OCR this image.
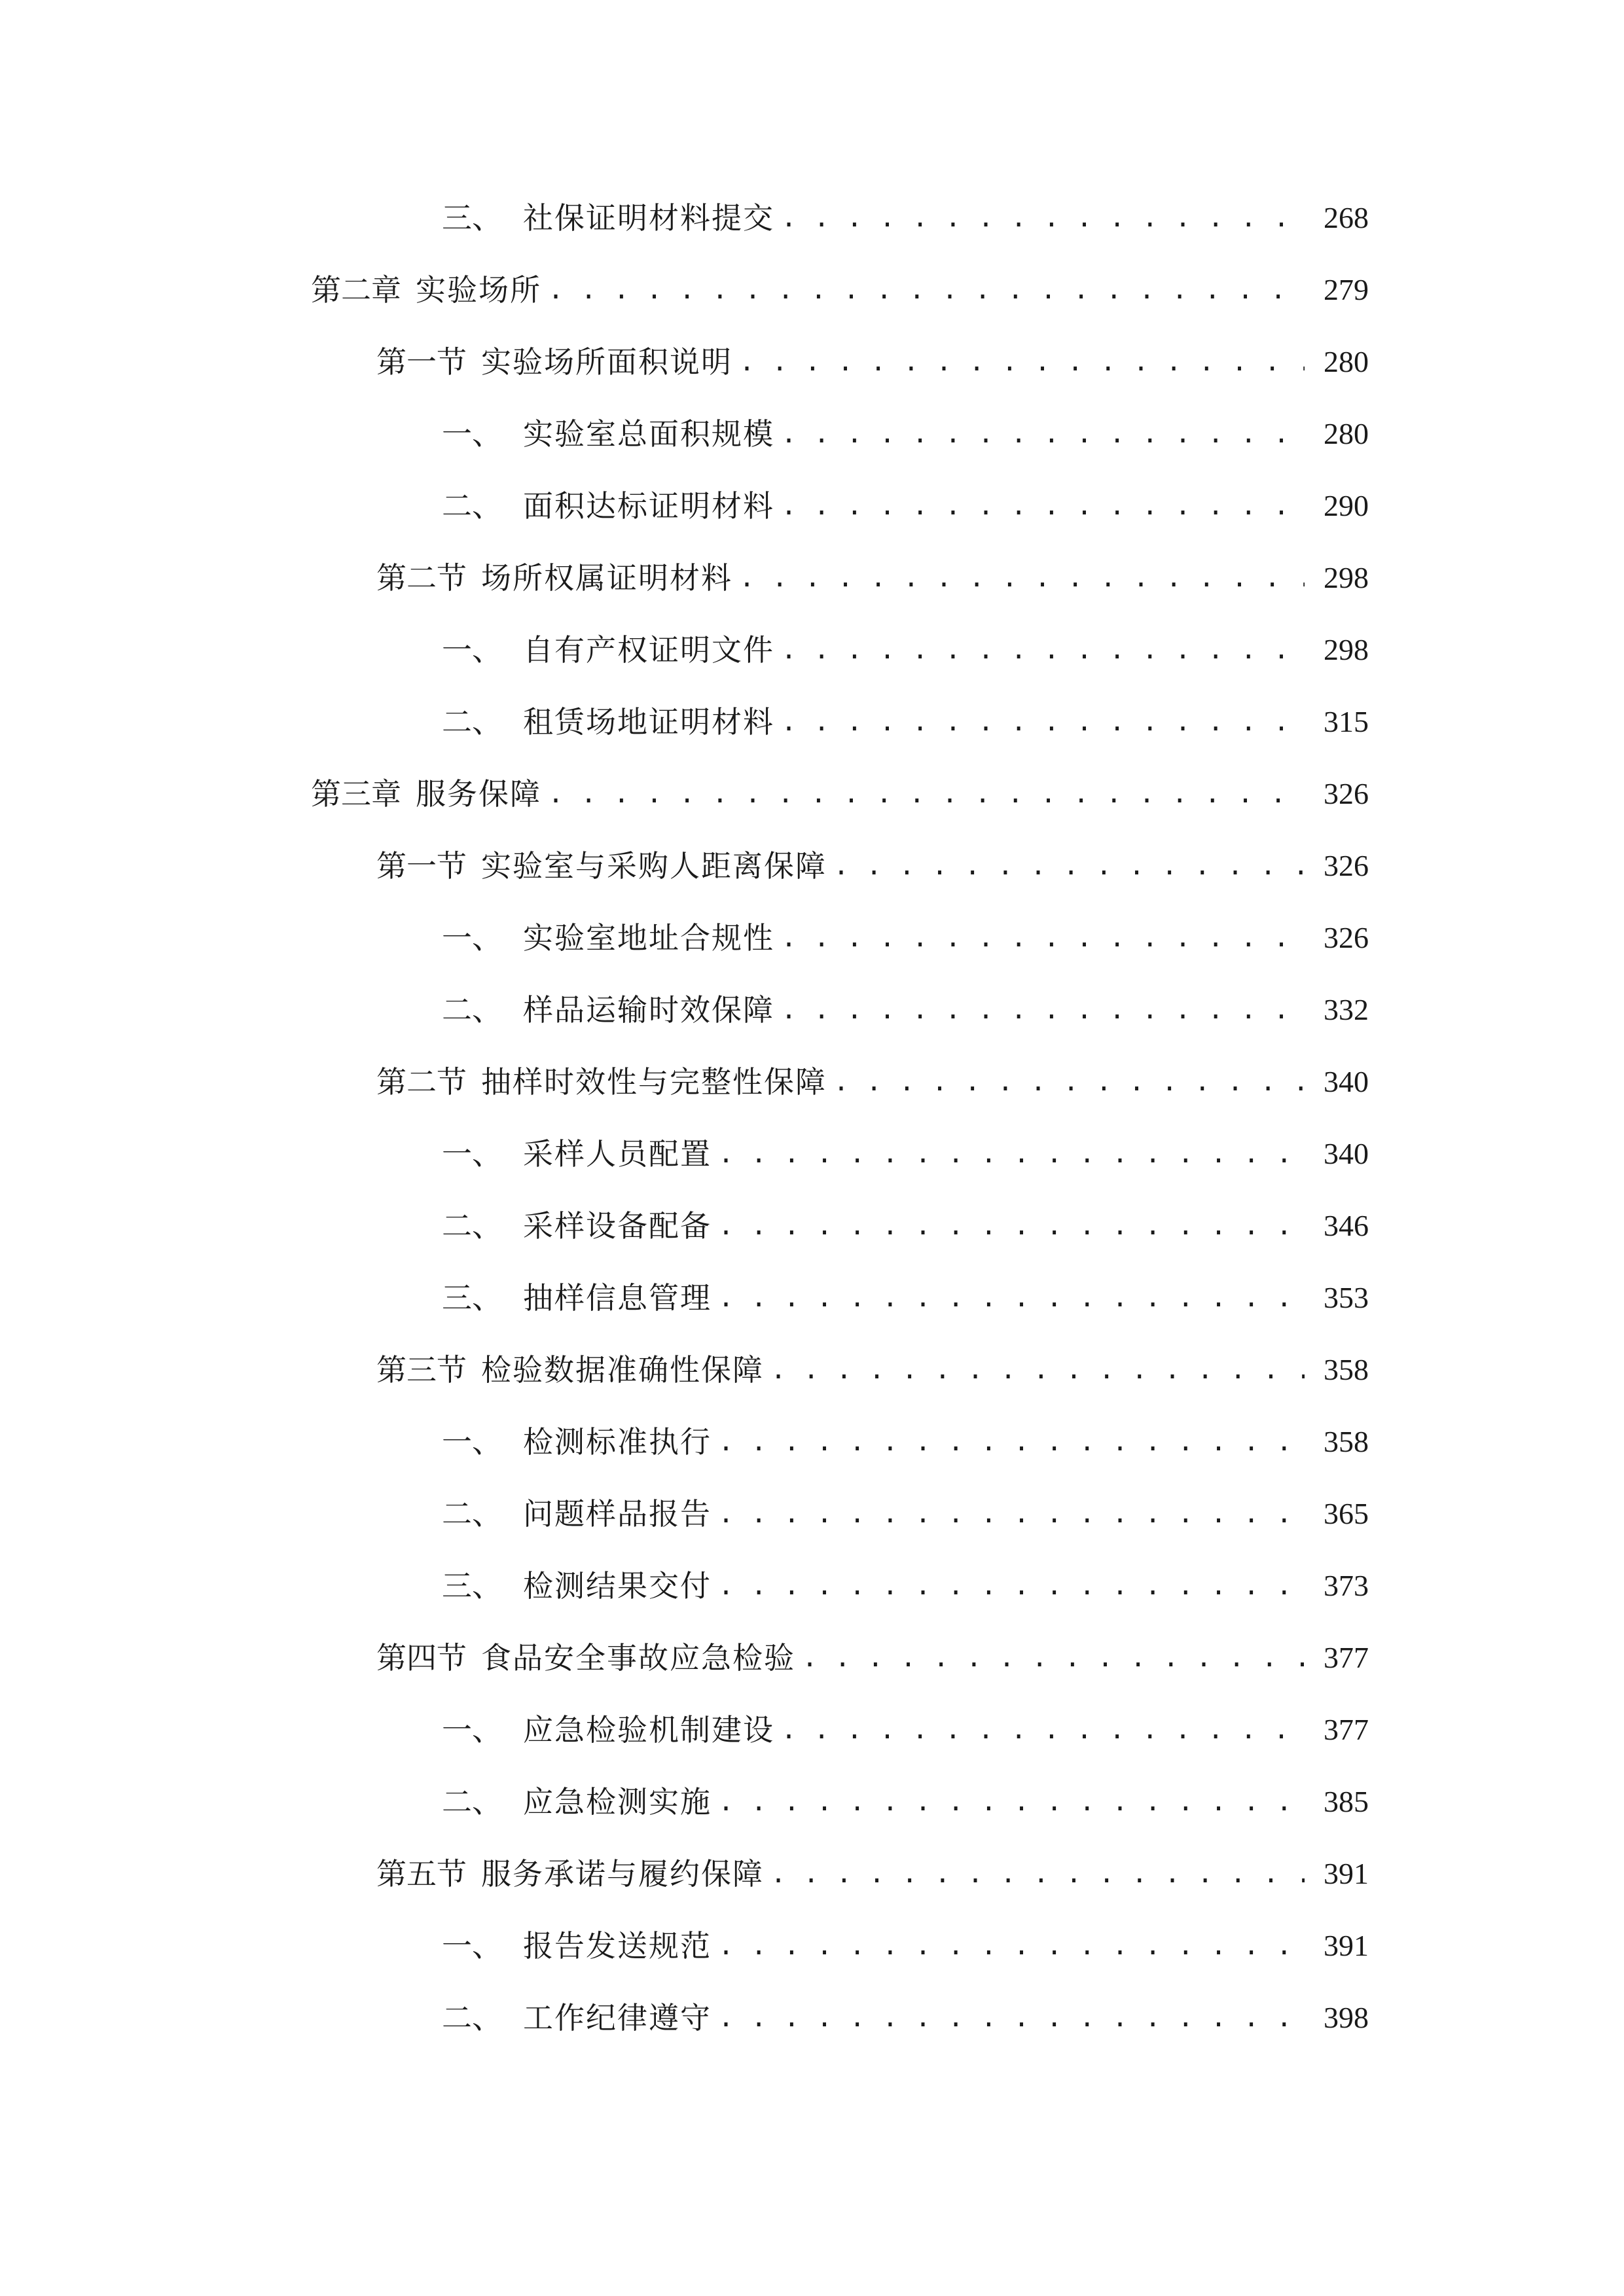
三、 社保证明材料提交 . . .	268
第二章 实验场所 . . .	279
第一节 实验场所面积说明 . . .	280
一、 实验室总面积规模 . . .	280
二、 面积达标证明材料 . . .	290
第二节 场所权属证明材料 . . .	298
一、 自有产权证明文件 . . .	298
二、 租赁场地证明材料 . . .	315
第三章 服务保障 . . .	326
第一节 实验室与采购人距离保障 . . .	326
一、 实验室地址合规性 . . .	326
二、 样品运输时效保障 . . .	332
第二节 抽样时效性与完整性保障 . . .	340
一、 采样人员配置 . . .	340
二、 采样设备配备 . . .	346
三、 抽样信息管理 . . .	353
第三节 检验数据准确性保障 . . .	358
一、 检测标准执行 . . .	358
二、 问题样品报告 . . .	365
三、 检测结果交付 . . .	373
第四节 食品安全事故应急检验 . . .	377
一、 应急检验机制建设 . . .	377
二、 应急检测实施 . . .	385
第五节 服务承诺与履约保障 . . .	391
一、 报告发送规范 . . .	391
二、 工作纪律遵守 . . .	398
